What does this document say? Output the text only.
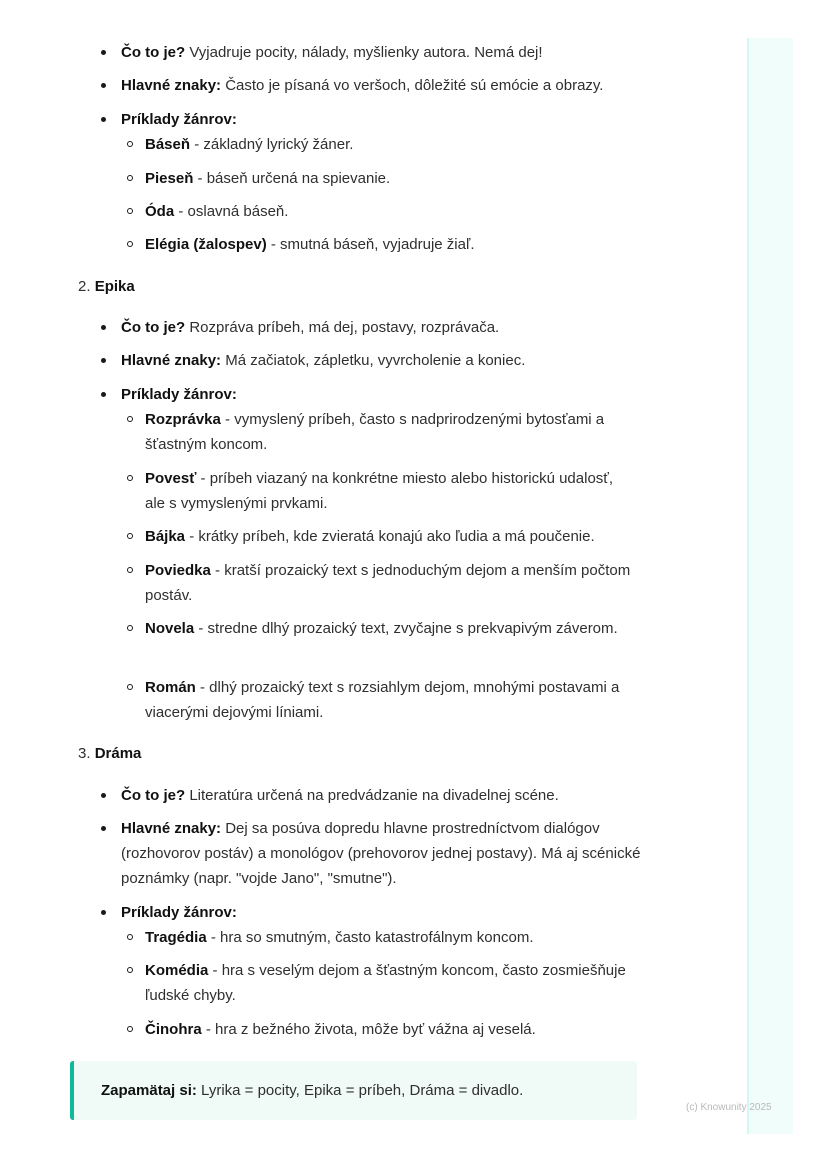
Čo to je? Vyjadruje pocity, nálady, myšlienky autora. Nemá dej!
Hlavné znaky: Často je písaná vo veršoch, dôležité sú emócie a obrazy.
Príklady žánrov:
Báseň - základný lyrický žáner.
Pieseň - báseň určená na spievanie.
Óda - oslavná báseň.
Elégia (žalospev) - smutná báseň, vyjadruje žiaľ.
2. Epika
Čo to je? Rozpráva príbeh, má dej, postavy, rozprávača.
Hlavné znaky: Má začiatok, zápletku, vyvrcholenie a koniec.
Príklady žánrov:
Rozprávka - vymyslený príbeh, často s nadprirodzenými bytosťami a šťastným koncom.
Povesť - príbeh viazaný na konkrétne miesto alebo historickú udalosť, ale s vymyslenými prvkami.
Bájka - krátky príbeh, kde zvieratá konajú ako ľudia a má poučenie.
Poviedka - kratší prozaický text s jednoduchým dejom a menším počtom postáv.
Novela - stredne dlhý prozaický text, zvyčajne s prekvapivým záverom.
Román - dlhý prozaický text s rozsiahlym dejom, mnohými postavami a viacerými dejovými líniami.
3. Dráma
Čo to je? Literatúra určená na predvádzanie na divadelnej scéne.
Hlavné znaky: Dej sa posúva dopredu hlavne prostredníctvom dialógov (rozhovorov postáv) a monológov (prehovorov jednej postavy). Má aj scénické poznámky (napr. "vojde Jano", "smutne").
Príklady žánrov:
Tragédia - hra so smutným, často katastrofálnym koncom.
Komédia - hra s veselým dejom a šťastným koncom, často zosmiešňuje ľudské chyby.
Činohra - hra z bežného života, môže byť vážna aj veselá.
Zapamätaj si: Lyrika = pocity, Epika = príbeh, Dráma = divadlo.
(c) Knowunity 2025
